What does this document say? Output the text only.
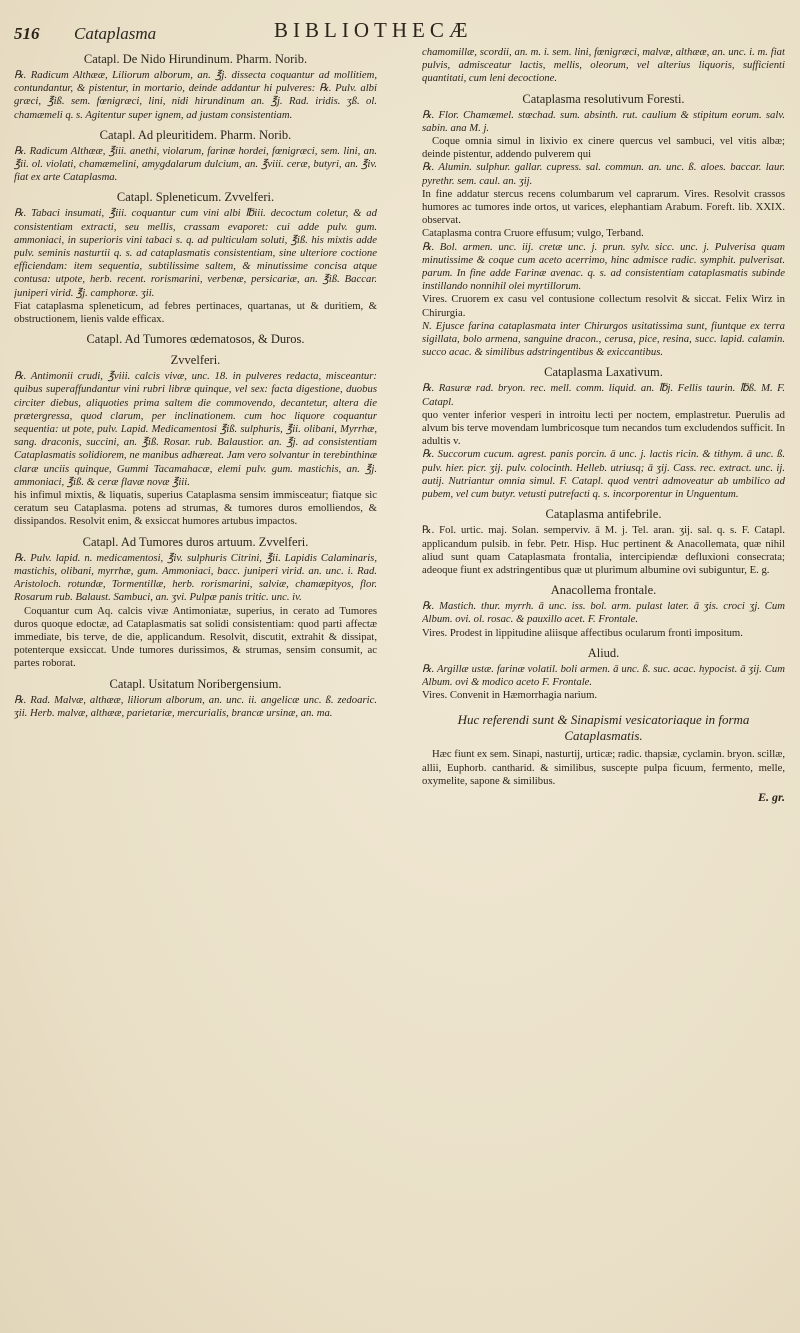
516 Cataplasma	BIBLIOTHECÆ
Catapl. De Nido Hirundinum. Pharm. Norib.

℞. Radicum Althææ, Liliorum alborum, an. ℥j. dissecta coquantur ad mollitiem, contundantur, & pistentur, in mortario, deinde addantur hi pulveres: ℞. Pulv. albi græci, ℥iß. sem. fœnigræci, lini, nidi hirundinum an. ℥j. Rad. iridis. ʒß. ol. chamæmeli q. s. Agitentur super ignem, ad justam consistentiam.

Catapl. Ad pleuritidem. Pharm. Norib.

℞. Radicum Althææ, ℥iii. anethi, violarum, farinæ hordei, fœnigræci, sem. lini, an. ℥ii. ol. violati, chamæmelini, amygdalarum dulcium, an. ℥viii. ceræ, butyri, an. ℥iv. fiat ex arte Cataplasma.

Catapl. Spleneticum. Zvvelferi.

℞. Tabaci insumati, ℥iii. coquantur cum vini albi ℔iii. decoctum coletur, & ad consistentiam extracti, seu mellis, crassam evaporet: cui adde pulv. gum. ammoniaci, in superioris vini tabaci s. q. ad pulticulam soluti, ℥iß. his mixtis adde pulv. seminis nasturtii q. s. ad cataplasmatis consistentiam, sine ulteriore coctione efficiendam: item sequentia, subtilissime saltem, & minutissime concisa atque contusa: utpote, herb. recent. rorismarini, verbenæ, persicariæ, an. ℥iß. Baccar. juniperi virid. ℥j. camphoræ. ʒii.

Fiat cataplasma spleneticum, ad febres pertinaces, quartanas, ut & duritiem, & obstructionem, lienis valde efficax.

Catapl. Ad Tumores œdematosos, & Duros.
Zvvelferi.

℞. Antimonii crudi, ℥viii. calcis vivæ, unc. 18. in pulveres redacta, misceantur: quibus superaffundantur vini rubri libræ quinque, vel sex: facta digestione, duobus circiter diebus, aliquoties prima saltem die commovendo, decantetur, altera die prætergressa, quod clarum, per inclinationem. cum hoc liquore coquantur sequentia: ut pote, pulv. Lapid. Medicamentosi ℥iß. sulphuris, ℥ii. olibani, Myrrhæ, sang. draconis, succini, an. ℥iß. Rosar. rub. Balaustior. an. ℥j. ad consistentiam Cataplasmatis solidiorem, ne manibus adhæreat. Jam vero solvantur in terebinthinæ claræ unciis quinque, Gummi Tacamahacæ, elemi pulv. gum. mastichis, an. ℥j. ammoniaci, ℥iß. & ceræ flavæ novæ ℥iii.

his infimul mixtis, & liquatis, superius Cataplasma sensim immisceatur; fiatque sic ceratum seu Cataplasma. potens ad strumas, & tumores duros emolliendos, & dissipandos. Resolvit enim, & exsiccat humores artubus impactos.

Catapl. Ad Tumores duros artuum. Zvvelferi.

℞. Pulv. lapid. n. medicamentosi, ℥iv. sulphuris Citrini, ℥ii. Lapidis Calaminaris, mastichis, olibani, myrrhæ, gum. Ammoniaci, bacc. juniperi virid. an. unc. i. Rad. Aristoloch. rotundæ, Tormentillæ, herb. rorismarini, salviæ, chamæpityos, flor. Rosarum rub. Balaust. Sambuci, an. ʒvi. Pulpæ panis tritic. unc. iv.

Coquantur cum Aq. calcis vivæ Antimoniatæ, superius, in cerato ad Tumores duros quoque edoctæ, ad Cataplasmatis sat solidi consistentiam: quod parti affectæ immediate, bis terve, de die, applicandum. Resolvit, discutit, extrahit & dissipat, potenterque exsiccat. Unde tumores durissimos, & strumas, sensim consumit, ac partes roborat.

Catapl. Usitatum Noribergensium.

℞. Rad. Malvæ, althææ, liliorum alborum, an. unc. ii. angelicæ unc. ß. zedoaric. ʒii. Herb. malvæ, althææ, parietariæ, mercurialis, brancæ ursinæ, an. ma.

chamomillæ, scordii, an. m. i. sem. lini, fœnigræci, malvæ, althææ, an. unc. i. m. fiat pulvis, admisceatur lactis, mellis, oleorum, vel alterius liquoris, sufficienti quantitati, cum leni decoctione.

Cataplasma resolutivum Foresti.

℞. Flor. Chamæmel. stœchad. sum. absinth. rut. caulium & stipitum eorum. salv. sabin. ana M. j.

Coque omnia simul in lixivio ex cinere quercus vel sambuci, vel vitis albæ; deinde pistentur, addendo pulverem qui

℞. Alumin. sulphur. gallar. cupress. sal. commun. an. unc. ß. aloes. baccar. laur. pyrethr. sem. caul. an. ʒij.

In fine addatur stercus recens columbarum vel caprarum. Vires. Resolvit crassos humores ac tumores inde ortos, ut varices, elephantiam Arabum. Foreft. lib. XXIX. observat.

Cataplasma contra Cruore effusum; vulgo, Terband.

℞. Bol. armen. unc. iij. cretæ unc. j. prun. sylv. sicc. unc. j. Pulverisa quam minutissime & coque cum aceto acerrimo, hinc admisce radic. symphit. pulverisat. parum. In fine adde Farinæ avenac. q. s. ad consistentiam cataplasmatis subinde instillando nonnihil olei myrtillorum.

Vires. Cruorem ex casu vel contusione collectum resolvit & siccat. Felix Wirz in Chirurgia.

N. Ejusce farina cataplasmata inter Chirurgos usitatissima sunt, fiuntque ex terra sigillata, bolo armena, sanguine dracon., cerusa, pice, resina, succ. lapid. calamin. succo acac. & similibus adstringentibus & exiccantibus.

Cataplasma Laxativum.

℞. Rasuræ rad. bryon. rec. mell. comm. liquid. an. ℔j. Fellis taurin. ℔ß. M. F. Catapl.

quo venter inferior vesperi in introitu lecti per noctem, emplastretur. Puerulis ad alvum bis terve movendam lumbricosque tum necandos tum excludendos sufficit. In adultis v.

℞. Succorum cucum. agrest. panis porcin. ā unc. j. lactis ricin. & tithym. ā unc. ß. pulv. hier. picr. ʒij. pulv. colocinth. Helleb. utriusq; ā ʒij. Cass. rec. extract. unc. ij. autij. Nutriantur omnia simul. F. Catapl. quod ventri admoveatur ab umbilico ad pubem, vel cum butyr. vetusti putrefacti q. s. incorporentur in Unguentum.

Cataplasma antifebrile.

℞. Fol. urtic. maj. Solan. semperviv. ā M. j. Tel. aran. ʒij. sal. q. s. F. Catapl. applicandum pulsib. in febr. Petr. Hisp. Huc pertinent & Anacollemata, quæ nihil aliud sunt quam Cataplasmata frontalia, intercipiendæ defluxioni consecrata; adeoque fiunt ex adstringentibus quæ ut plurimum albumine ovi subiguntur, E. g.

Anacollema frontale.

℞. Mastich. thur. myrrh. ā unc. iss. bol. arm. pulast later. ā ʒis. croci ʒj. Cum Album. ovi. ol. rosac. & pauxillo acet. F. Frontale.

Vires. Prodest in lippitudine aliisque affectibus ocularum fronti impositum.

Aliud.

℞. Argillæ ustæ. farinæ volatil. boli armen. ā unc. ß. suc. acac. hypocist. ā ʒij. Cum Album. ovi & modico aceto F. Frontale.

Vires. Convenit in Hæmorrhagia narium.

Huc referendi sunt & Sinapismi vesicatoriaque in forma Cataplasmatis.

Hæc fiunt ex sem. Sinapi, nasturtij, urticæ; radic. thapsiæ, cyclamin. bryon. scillæ, allii, Euphorb. cantharid. & similibus, suscepte pulpa ficuum, fermento, melle, oxymelite, sapone & similibus.

E. gr.
